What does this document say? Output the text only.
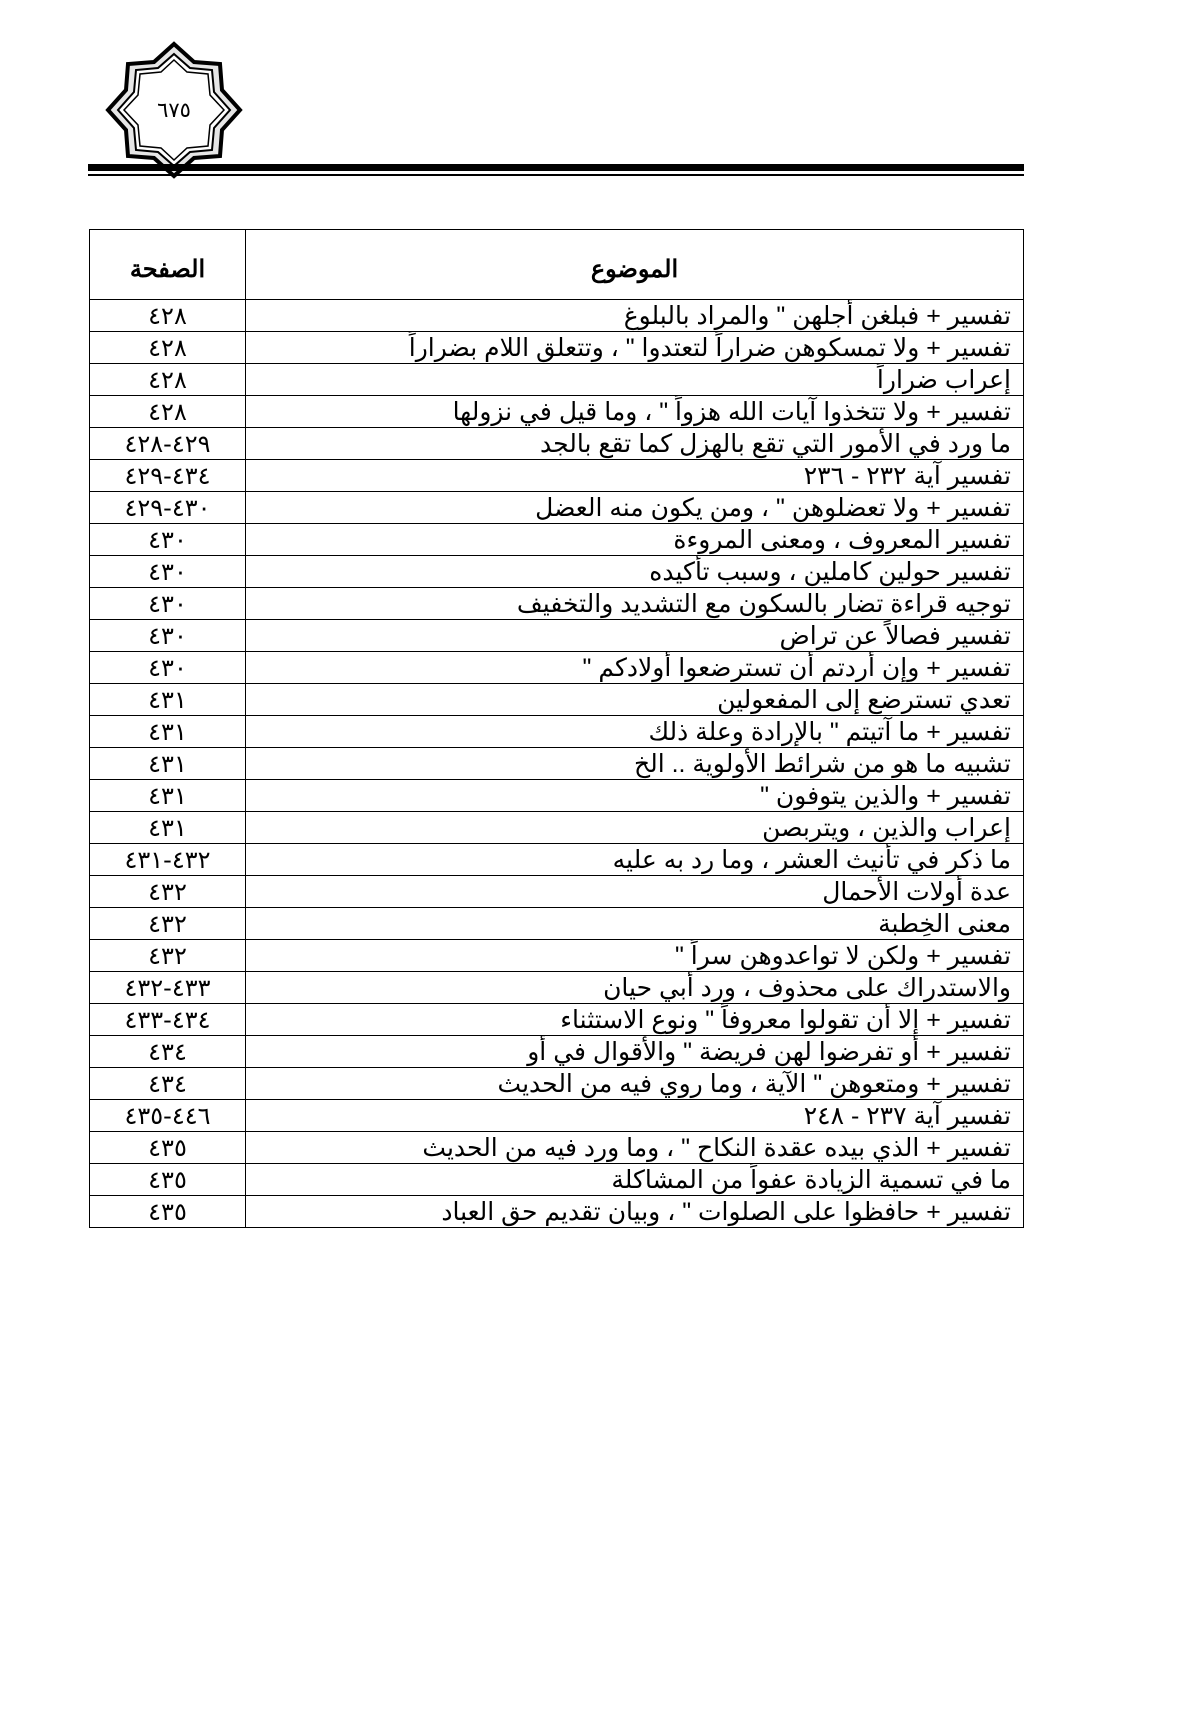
٦٧٥
الموضوع	الصفحة
تفسير + فبلغن أجلهن " والمراد بالبلوغ	٤٢٨
تفسير + ولا تمسكوهن ضراراً لتعتدوا " ، وتتعلق اللام بضراراً	٤٢٨
إعراب ضراراً	٤٢٨
تفسير + ولا تتخذوا آيات الله هزواً " ، وما قيل في نزولها	٤٢٨
ما ورد في الأمور التي تقع بالهزل كما تقع بالجد	٤٢٩-٤٢٨
تفسير آية ٢٣٢ - ٢٣٦	٤٣٤-٤٢٩
تفسير + ولا تعضلوهن " ، ومن يكون منه العضل	٤٣٠-٤٢٩
تفسير المعروف ، ومعنى المروءة	٤٣٠
تفسير حولين كاملين ، وسبب تأكيده	٤٣٠
توجيه قراءة تضار بالسكون مع التشديد والتخفيف	٤٣٠
تفسير فصالاً عن تراض	٤٣٠
تفسير + وإن أردتم أن تسترضعوا أولادكم "	٤٣٠
تعدي تسترضع إلى المفعولين	٤٣١
تفسير + ما آتيتم " بالإرادة وعلة ذلك	٤٣١
تشبيه ما هو من شرائط الأولوية .. الخ	٤٣١
تفسير + والذين يتوفون "	٤٣١
إعراب والذين ، ويتربصن	٤٣١
ما ذكر في تأنيث العشر ، وما رد به عليه	٤٣٢-٤٣١
عدة أولات الأحمال	٤٣٢
معنى الخِطبة	٤٣٢
تفسير + ولكن لا تواعدوهن سراً "	٤٣٢
والاستدراك على محذوف ، ورد أبي حيان	٤٣٣-٤٣٢
تفسير + إلا أن تقولوا معروفاً " ونوع الاستثناء	٤٣٤-٤٣٣
تفسير + أو تفرضوا لهن فريضة " والأقوال في أو	٤٣٤
تفسير + ومتعوهن " الآية ، وما روي فيه من الحديث	٤٣٤
تفسير آية ٢٣٧ - ٢٤٨	٤٤٦-٤٣٥
تفسير + الذي بيده عقدة النكاح " ، وما ورد فيه من الحديث	٤٣٥
ما في تسمية الزيادة عفواً من المشاكلة	٤٣٥
تفسير + حافظوا على الصلوات " ، وبيان تقديم حق العباد	٤٣٥
